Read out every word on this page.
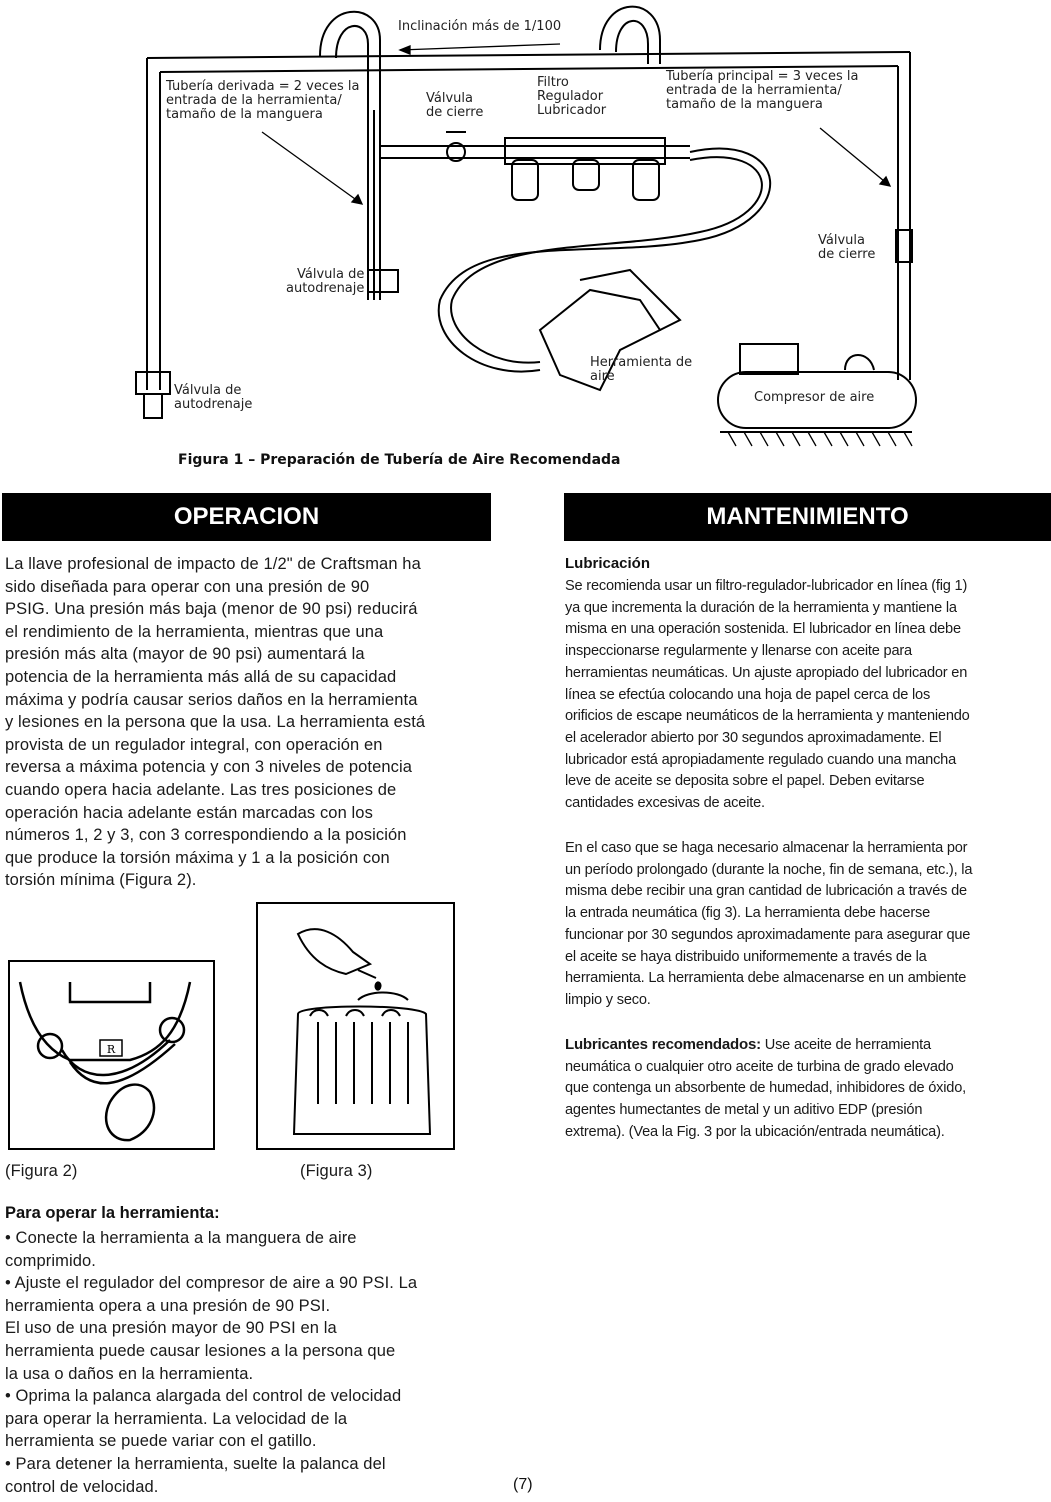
Inclinación más de 1/100
Tubería derivada = 2 veces la
entrada de la herramienta/
tamaño de la manguera
Válvula
de cierre
Filtro
Regulador
Lubricador
Tubería principal = 3 veces la
entrada de la herramienta/
tamaño de la manguera
Válvula
de cierre
Válvula de
autodrenaje
Válvula de
autodrenaje
Herramienta de
aire
Compresor de aire
Figura 1 – Preparación de Tubería de Aire Recomendada
OPERACION
La llave profesional de impacto de 1/2" de Craftsman ha
sido diseñada para operar con una presión de 90
PSIG. Una presión más baja (menor de 90 psi) reducirá
el rendimiento de la herramienta, mientras que una
presión más alta (mayor de 90 psi) aumentará la
potencia de la herramienta más allá de su capacidad
máxima y podría causar serios daños en la herramienta
y lesiones en la persona que la usa. La herramienta está
provista de un regulador integral, con operación en
reversa a máxima potencia y con 3 niveles de potencia
cuando opera hacia adelante. Las tres posiciones de
operación hacia adelante están marcadas con los
números 1, 2 y 3, con 3 correspondiendo a la posición
que produce la torsión máxima y 1 a la posición con
torsión mínima (Figura 2).
R
(Figura 2)	(Figura 3)
Para operar la herramienta:
• Conecte la herramienta a la manguera de aire
comprimido.
• Ajuste el regulador del compresor de aire a 90 PSI. La
herramienta opera a una presión de 90 PSI.
El uso de una presión mayor de 90 PSI en la
herramienta puede causar lesiones a la persona que
la usa o daños en la herramienta.
• Oprima la palanca alargada del control de velocidad
para operar la herramienta. La velocidad de la
herramienta se puede variar con el gatillo.
• Para detener la herramienta, suelte la palanca del
control de velocidad.
MANTENIMIENTO
Lubricación
Se recomienda usar un filtro-regulador-lubricador en línea (fig 1)
ya que incrementa la duración de la herramienta y mantiene la
misma en una operación sostenida. El lubricador en línea debe
inspeccionarse regularmente y llenarse con aceite para
herramientas neumáticas. Un ajuste apropiado del lubricador en
línea se efectúa colocando una hoja de papel cerca de los
orificios de escape neumáticos de la herramienta y manteniendo
el acelerador abierto por 30 segundos aproximadamente. El
lubricador está apropiadamente regulado cuando una mancha
leve de aceite se deposita sobre el papel. Deben evitarse
cantidades excesivas de aceite.
En el caso que se haga necesario almacenar la herramienta por
un período prolongado (durante la noche, fin de semana, etc.), la
misma debe recibir una gran cantidad de lubricación a través de
la entrada neumática (fig 3). La herramienta debe hacerse
funcionar por 30 segundos aproximadamente para asegurar que
el aceite se haya distribuido uniformemente a través de la
herramienta. La herramienta debe almacenarse en un ambiente
limpio y seco.
Lubricantes recomendados: Use aceite de herramienta
neumática o cualquier otro aceite de turbina de grado elevado
que contenga un absorbente de humedad, inhibidores de óxido,
agentes humectantes de metal y un aditivo EDP (presión
extrema). (Vea la Fig. 3 por la ubicación/entrada neumática).
(7)
